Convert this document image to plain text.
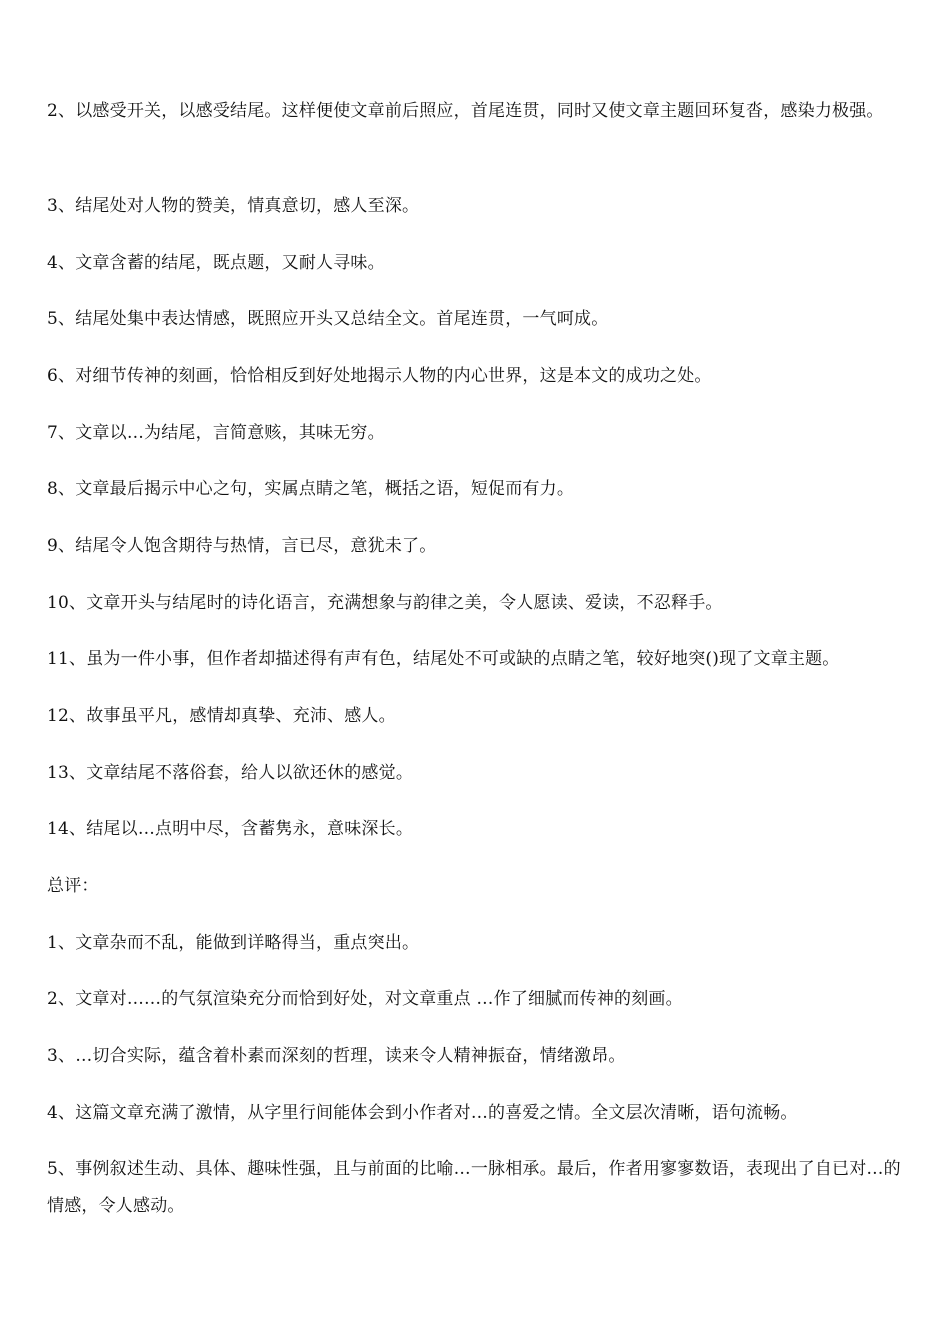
2、以感受开关，以感受结尾。这样便使文章前后照应，首尾连贯，同时又使文章主题回环复沓，感染力极强。
3、结尾处对人物的赞美，情真意切，感人至深。
4、文章含蓄的结尾，既点题，又耐人寻味。
5、结尾处集中表达情感，既照应开头又总结全文。首尾连贯，一气呵成。
6、对细节传神的刻画，恰恰相反到好处地揭示人物的内心世界，这是本文的成功之处。
7、文章以…为结尾，言简意赅，其味无穷。
8、文章最后揭示中心之句，实属点睛之笔，概括之语，短促而有力。
9、结尾令人饱含期待与热情，言已尽，意犹未了。
10、文章开头与结尾时的诗化语言，充满想象与韵律之美，令人愿读、爱读，不忍释手。
11、虽为一件小事，但作者却描述得有声有色，结尾处不可或缺的点睛之笔，较好地突()现了文章主题。
12、故事虽平凡，感情却真挚、充沛、感人。
13、文章结尾不落俗套，给人以欲还休的感觉。
14、结尾以…点明中尽，含蓄隽永，意味深长。
总评：
1、文章杂而不乱，能做到详略得当，重点突出。
2、文章对……的气氛渲染充分而恰到好处，对文章重点 …作了细腻而传神的刻画。
3、…切合实际，蕴含着朴素而深刻的哲理，读来令人精神振奋，情绪激昂。
4、这篇文章充满了激情，从字里行间能体会到小作者对…的喜爱之情。全文层次清晰，语句流畅。
5、事例叙述生动、具体、趣味性强，且与前面的比喻…一脉相承。最后，作者用寥寥数语，表现出了自已对…的情感，令人感动。
